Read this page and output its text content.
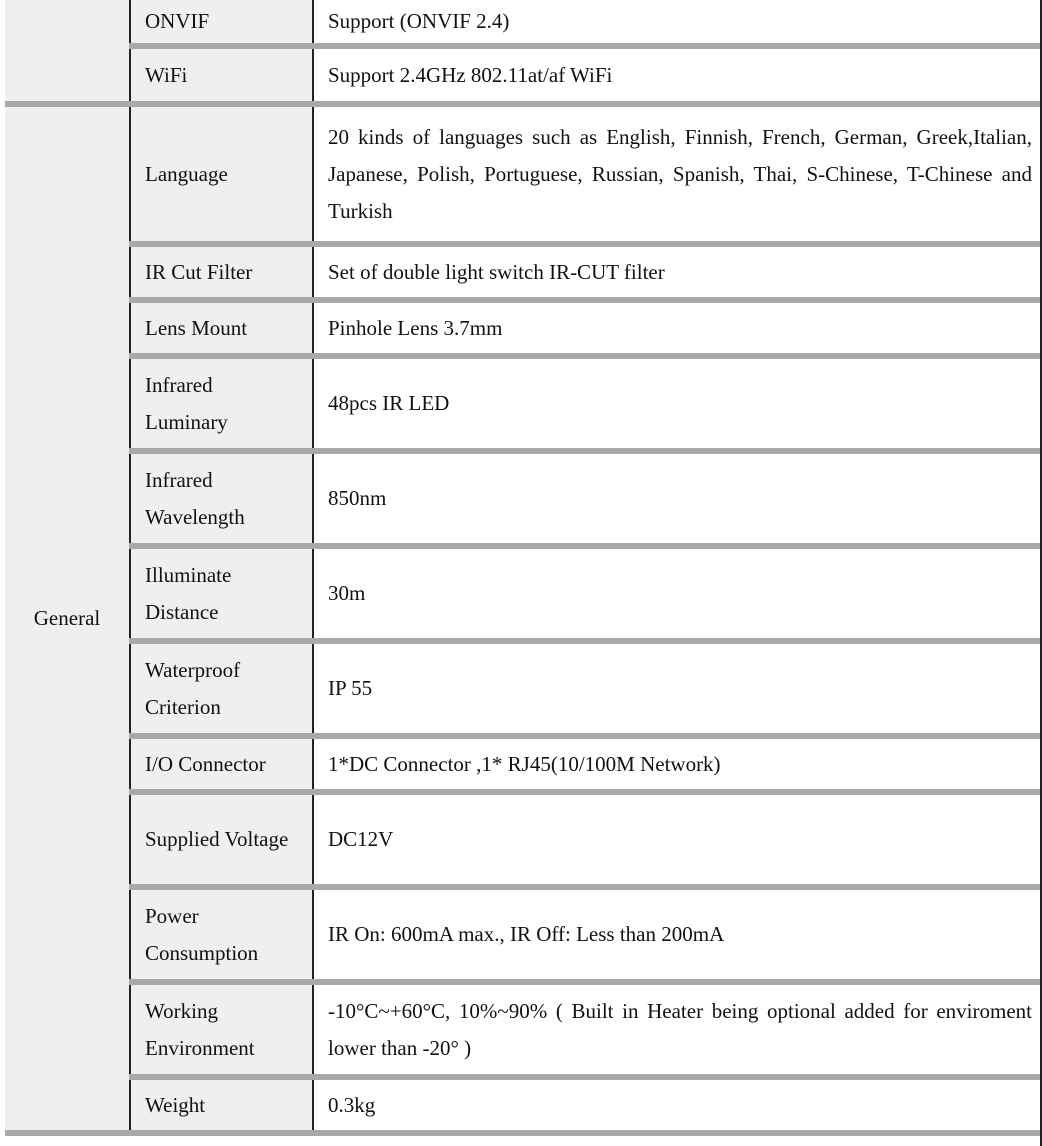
	ONVIF	Support (ONVIF 2.4)
	WiFi	Support 2.4GHz 802.11at/af WiFi
General	Language	20 kinds of languages such as English, Finnish, French, German, Greek,Italian, Japanese, Polish, Portuguese, Russian, Spanish, Thai, S-Chinese, T-Chinese and Turkish
	IR Cut Filter	Set of double light switch IR-CUT filter
	Lens Mount	Pinhole Lens 3.7mm
	Infrared Luminary	48pcs IR LED
	Infrared Wavelength	850nm
	Illuminate Distance	30m
	Waterproof Criterion	IP 55
	I/O Connector	1*DC Connector ,1* RJ45(10/100M Network)
	Supplied Voltage	DC12V
	Power Consumption	IR On: 600mA max., IR Off: Less than 200mA
	Working Environment	-10°C~+60°C, 10%~90% ( Built in Heater being optional added for enviroment lower than -20° )
	Weight	0.3kg
